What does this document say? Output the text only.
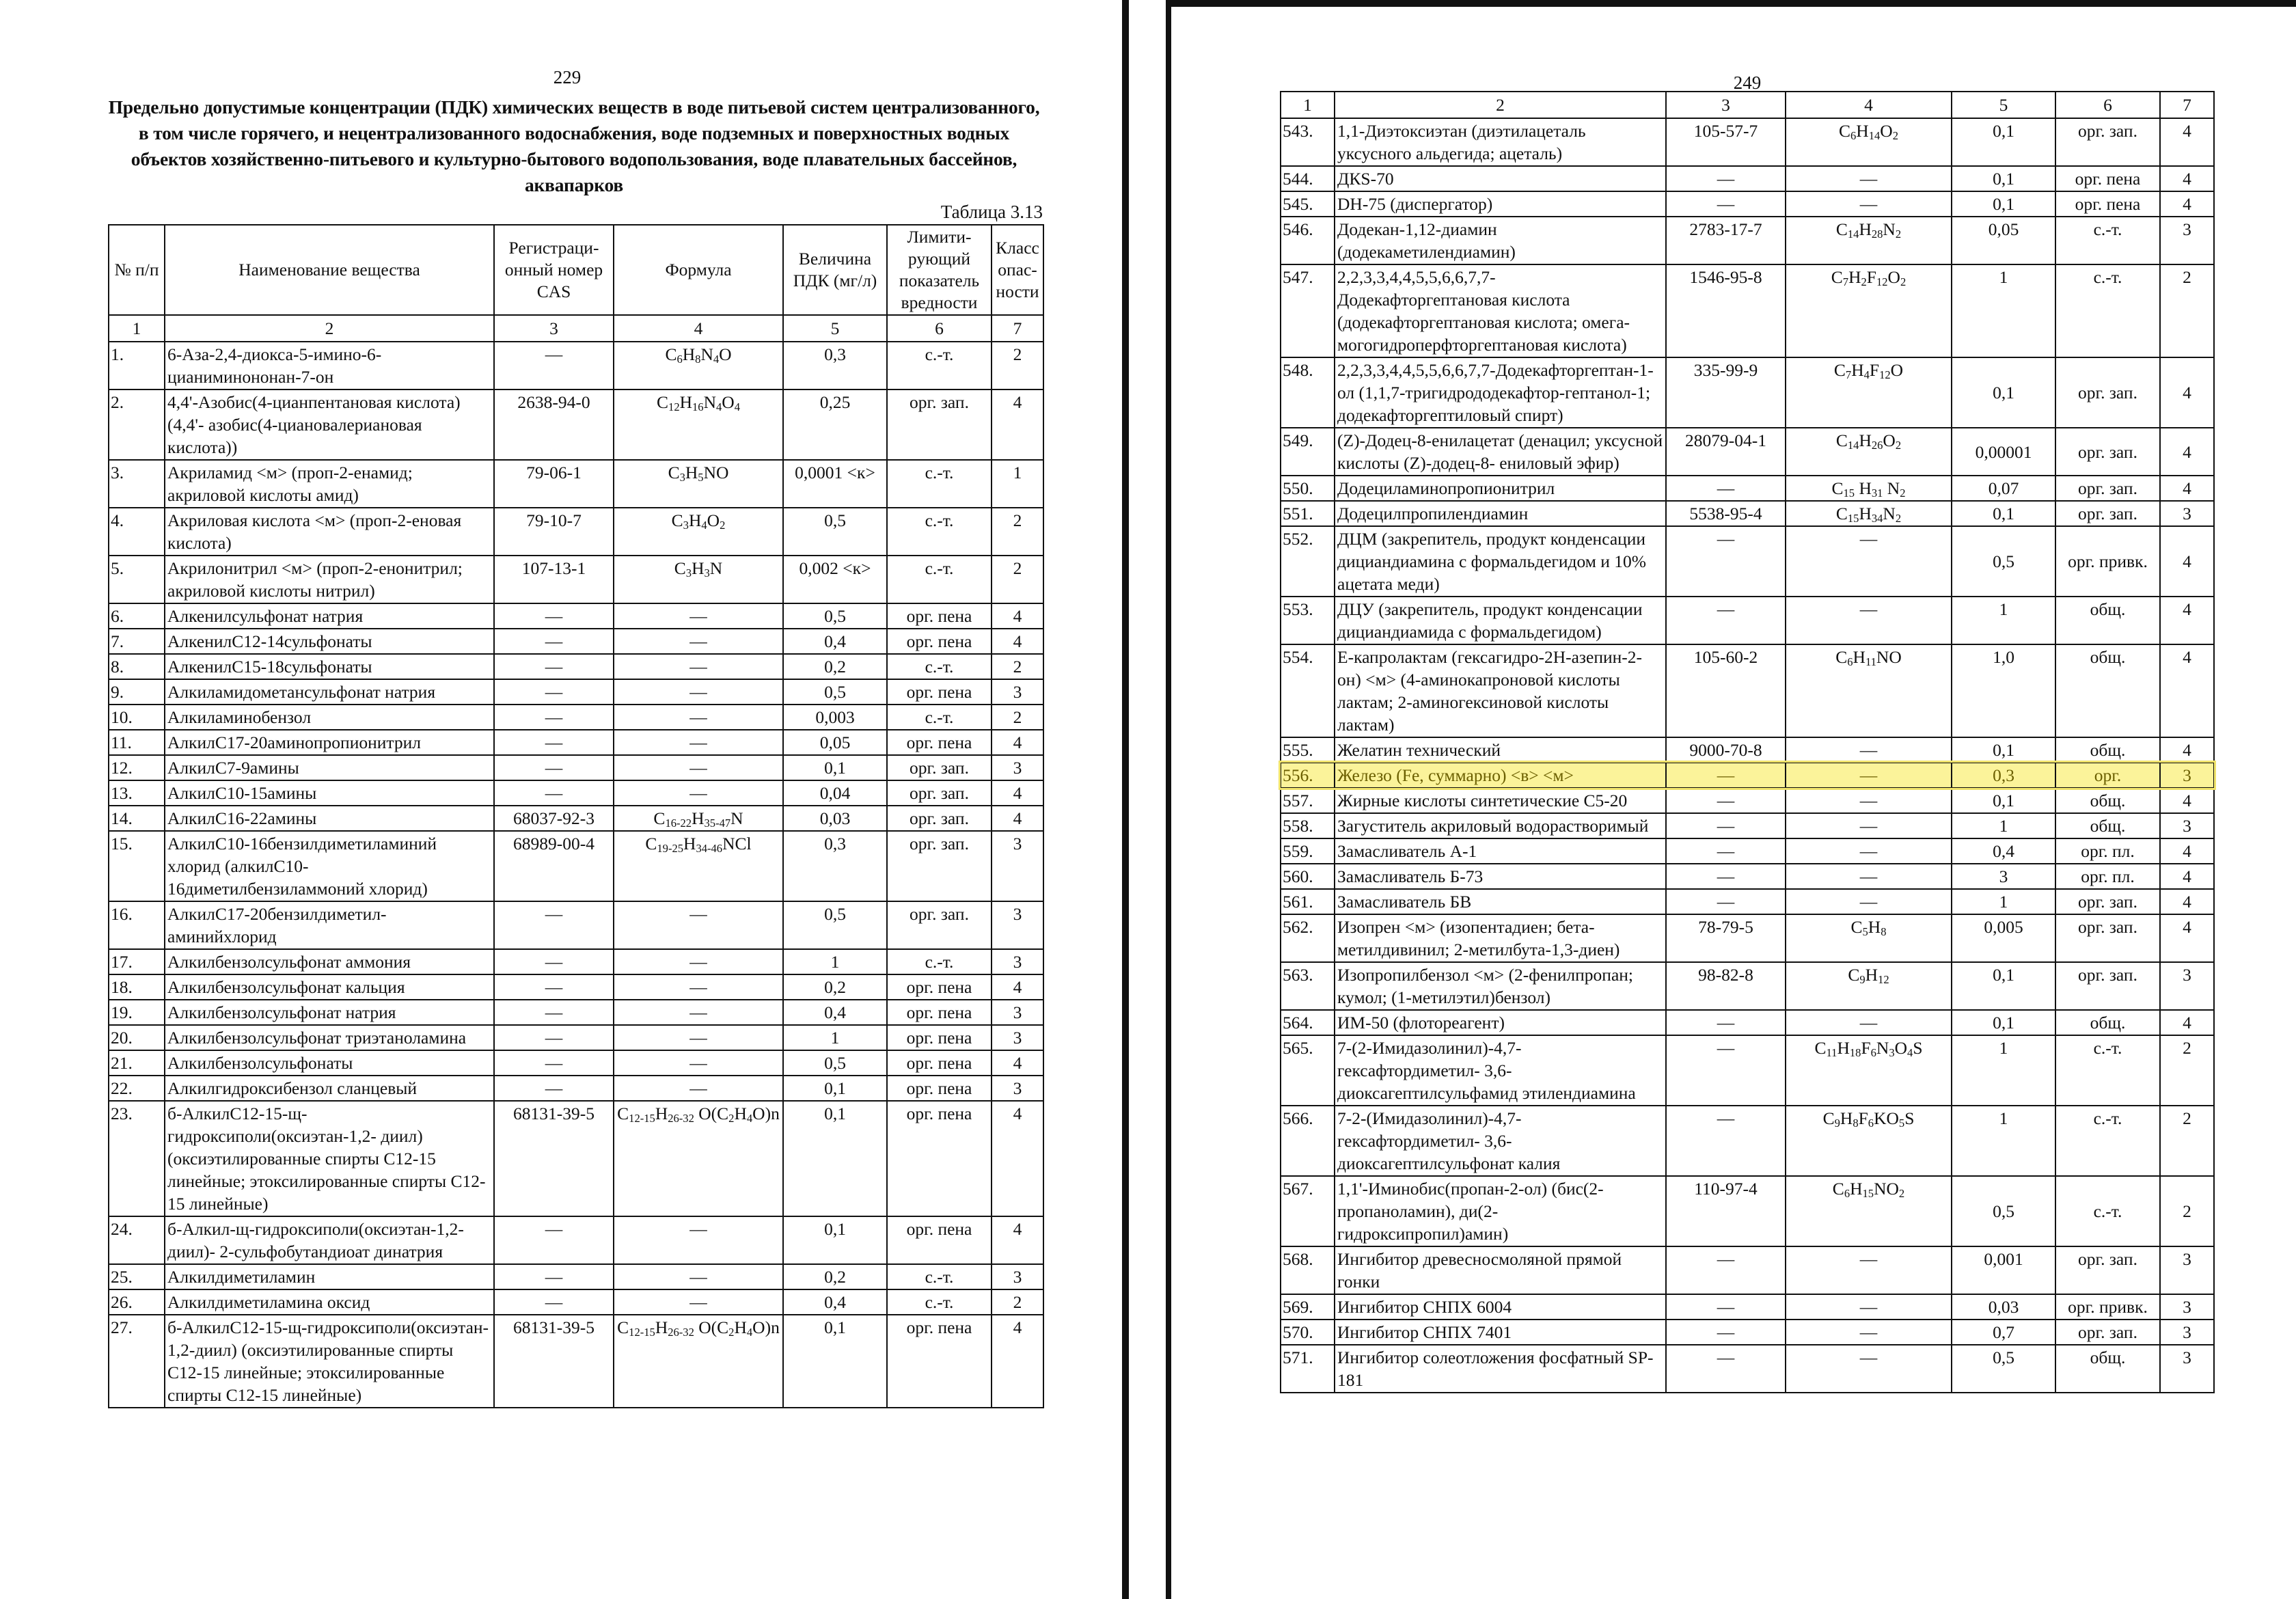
229
Предельно допустимые концентрации (ПДК) химических веществ в воде питьевой систем централизованного, в том числе горячего, и нецентрализованного водоснабжения, воде подземных и поверхностных водных объектов хозяйственно-питьевого и культурно-бытового водопользования, воде плавательных бассейнов, аквапарков
Таблица 3.13
№ п/п	Наименование вещества	Регистраци-онный номер CAS	Формула	Величина ПДК (мг/л)	Лимити-рующий показатель вредности	Класс опас-ности
1	2	3	4	5	6	7
1.	6-Аза-2,4-диокса-5-имино-6-цианиминононан-7-он	—	$C_6H_8N_4O$	0,3	с.-т.	2
2.	4,4'-Азобис(4-цианпентановая кислота) (4,4'- азобис(4-циановалериановая кислота))	2638-94-0	$C_{12}H_{16}N_4O_4$	0,25	орг. зап.	4
3.	Акриламид <м> (проп-2-енамид; акриловой кислоты амид)	79-06-1	$C_3H_5NO$	0,0001 <к>	с.-т.	1
4.	Акриловая кислота <м> (проп-2-еновая кислота)	79-10-7	$C_3H_4O_2$	0,5	с.-т.	2
5.	Акрилонитрил <м> (проп-2-енонитрил; акриловой кислоты нитрил)	107-13-1	$C_3H_3N$	0,002 <к>	с.-т.	2
6.	Алкенилсульфонат натрия	—	—	0,5	орг. пена	4
7.	АлкенилC12-14сульфонаты	—	—	0,4	орг. пена	4
8.	АлкенилC15-18сульфонаты	—	—	0,2	с.-т.	2
9.	Алкиламидометансульфонат натрия	—	—	0,5	орг. пена	3
10.	Алкиламинобензол	—	—	0,003	с.-т.	2
11.	АлкилC17-20аминопропионитрил	—	—	0,05	орг. пена	4
12.	АлкилC7-9амины	—	—	0,1	орг. зап.	3
13.	АлкилC10-15амины	—	—	0,04	орг. зап.	4
14.	АлкилC16-22амины	68037-92-3	$C_{16-22}H_{35-47}N$	0,03	орг. зап.	4
15.	АлкилC10-16бензилдиметиламиний хлорид (алкилC10-16диметилбензиламмоний хлорид)	68989-00-4	$C_{19-25}H_{34-46}NCl$	0,3	орг. зап.	3
16.	АлкилC17-20бензилдиметил-аминийхлорид	—	—	0,5	орг. зап.	3
17.	Алкилбензолсульфонат аммония	—	—	1	с.-т.	3
18.	Алкилбензолсульфонат кальция	—	—	0,2	орг. пена	4
19.	Алкилбензолсульфонат натрия	—	—	0,4	орг. пена	3
20.	Алкилбензолсульфонат триэтаноламина	—	—	1	орг. пена	3
21.	Алкилбензолсульфонаты	—	—	0,5	орг. пена	4
22.	Алкилгидроксибензол сланцевый	—	—	0,1	орг. пена	3
23.	б-АлкилC12-15-щ-гидроксиполи(оксиэтан-1,2- диил) (оксиэтилированные спирты C12-15 линейные; этоксилированные спирты C12-15 линейные)	68131-39-5	$C_{12-15}H_{26-32}$ $O(C_2H_4O)n$	0,1	орг. пена	4
24.	б-Алкил-щ-гидроксиполи(оксиэтан-1,2-диил)- 2-сульфобутандиоат динатрия	—	—	0,1	орг. пена	4
25.	Алкилдиметиламин	—	—	0,2	с.-т.	3
26.	Алкилдиметиламина оксид	—	—	0,4	с.-т.	2
27.	б-АлкилC12-15-щ-гидроксиполи(оксиэтан- 1,2-диил) (оксиэтилированные спирты C12-15 линейные; этоксилированные спирты C12-15 линейные)	68131-39-5	$C_{12-15}H_{26-32}$ $O(C_2H_4O)n$	0,1	орг. пена	4
249
1	2	3	4	5	6	7
543.	1,1-Диэтоксиэтан (диэтилацеталь уксусного альдегида; ацеталь)	105-57-7	$C_6H_{14}O_2$	0,1	орг. зап.	4
544.	ДКS-70	—	—	0,1	орг. пена	4
545.	DH-75 (диспергатор)	—	—	0,1	орг. пена	4
546.	Додекан-1,12-диамин (додекаметилендиамин)	2783-17-7	$C_{14}H_{28}N_2$	0,05	с.-т.	3
547.	2,2,3,3,4,4,5,5,6,6,7,7-Додекафторгептановая кислота (додекафторгептановая кислота; омега-могогидроперфторгептановая кислота)	1546-95-8	$C_7H_2F_{12}O_2$	1	с.-т.	2
548.	2,2,3,3,4,4,5,5,6,6,7,7-Додекафторгептан-1-ол (1,1,7-тригидрододекафтор-гептанол-1; додекафторгептиловый спирт)	335-99-9	$C_7H_4F_{12}O$	0,1	орг. зап.	4
549.	(Z)-Додец-8-енилацетат (денацил; уксусной кислоты (Z)-додец-8- ениловый эфир)	28079-04-1	$C_{14}H_{26}O_2$	0,00001	орг. зап.	4
550.	Додециламинопропионитрил	—	$C_{15}$ $H_{31}$ $N_2$	0,07	орг. зап.	4
551.	Додецилпропилендиамин	5538-95-4	$C_{15}H_{34}N_2$	0,1	орг. зап.	3
552.	ДЦМ (закрепитель, продукт конденсации дициандиамина с формальдегидом и 10% ацетата меди)	—	—	0,5	орг. привк.	4
553.	ДЦУ (закрепитель, продукт конденсации дициандиамида с формальдегидом)	—	—	1	общ.	4
554.	Е-капролактам (гексагидро-2Н-азепин-2-он) <м> (4-аминокапроновой кислоты лактам; 2-аминогексиновой кислоты лактам)	105-60-2	$C_6H_{11}NO$	1,0	общ.	4
555.	Желатин технический	9000-70-8	—	0,1	общ.	4
556.	Железо (Fe, суммарно) <в> <м>	—	—	0,3	орг.	3
557.	Жирные кислоты синтетические С5-20	—	—	0,1	общ.	4
558.	Загуститель акриловый водорастворимый	—	—	1	общ.	3
559.	Замасливатель А-1	—	—	0,4	орг. пл.	4
560.	Замасливатель Б-73	—	—	3	орг. пл.	4
561.	Замасливатель БВ	—	—	1	орг. зап.	4
562.	Изопрен <м> (изопентадиен; бета-метилдивинил; 2-метилбута-1,3-диен)	78-79-5	$C_5H_8$	0,005	орг. зап.	4
563.	Изопропилбензол <м> (2-фенилпропан; кумол; (1-метилэтил)бензол)	98-82-8	$C_9H_{12}$	0,1	орг. зап.	3
564.	ИМ-50 (флотореагент)	—	—	0,1	общ.	4
565.	7-(2-Имидазолинил)-4,7-гексафтордиметил- 3,6-диоксагептилсульфамид этилендиамина	—	$C_{11}H_{18}F_6N_3O_4S$	1	с.-т.	2
566.	7-2-(Имидазолинил)-4,7-гексафтордиметил- 3,6-диоксагептилсульфонат калия	—	$C_9H_8F_6KO_5S$	1	с.-т.	2
567.	1,1'-Иминобис(пропан-2-ол) (бис(2-пропаноламин), ди(2-гидроксипропил)амин)	110-97-4	$C_6H_{15}NO_2$	0,5	с.-т.	2
568.	Ингибитор древесносмоляной прямой гонки	—	—	0,001	орг. зап.	3
569.	Ингибитор СНПХ 6004	—	—	0,03	орг. привк.	3
570.	Ингибитор СНПХ 7401	—	—	0,7	орг. зап.	3
571.	Ингибитор солеотложения фосфатный SP-181	—	—	0,5	общ.	3
